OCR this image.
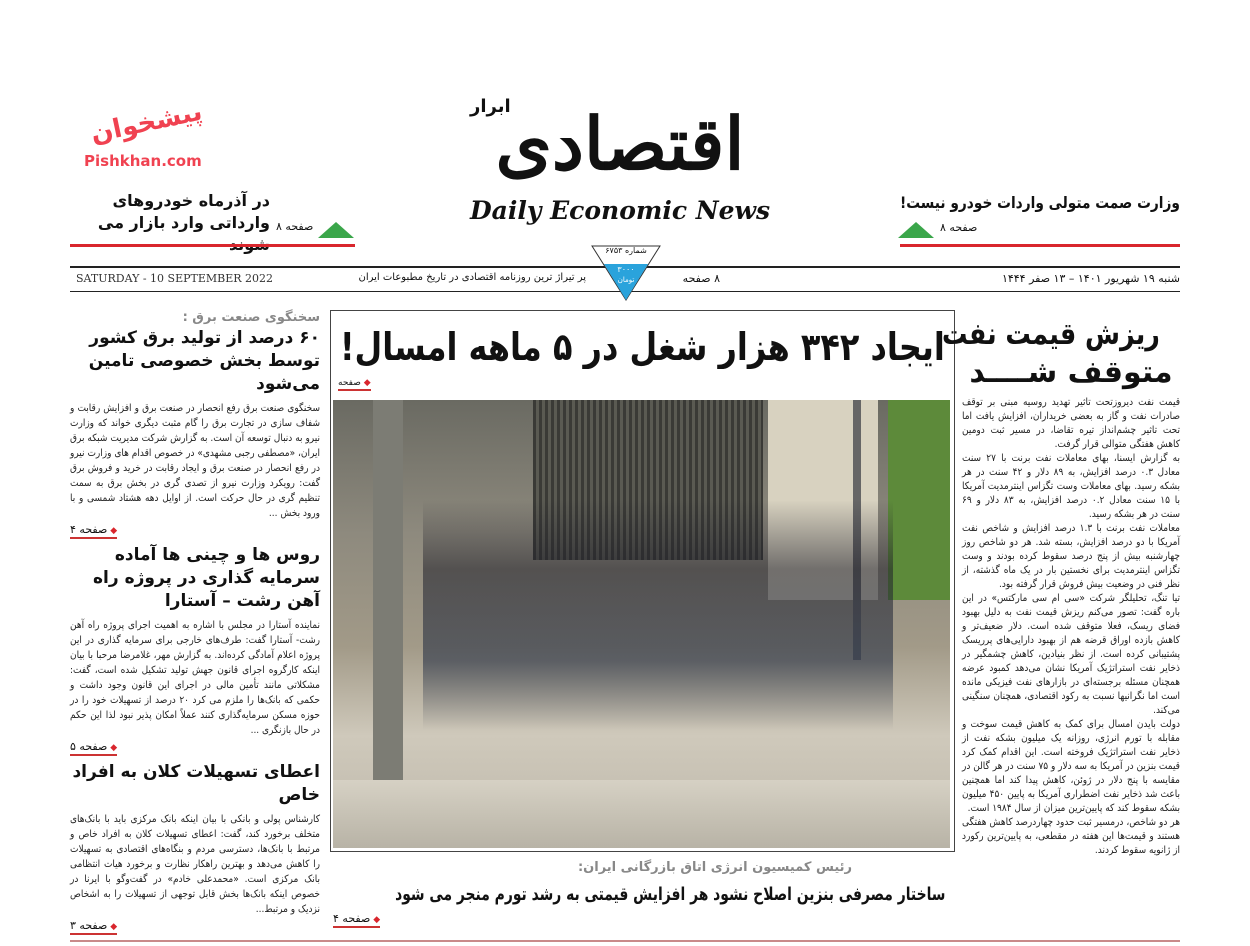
ابرار
اقتصادی
Daily Economic News
پیشخوان
Pishkhan.com
در آذرماه خودروهای وارداتی وارد بازار می	صفحه ۸
وزارت صمت متولی واردات خودرو نیست!
صفحه ۸
SATURDAY - 10 SEPTEMBER 2022	پر تیراژ ترین روزنامه اقتصادی در تاریخ مطبوعات ایران	۸ صفحه	شنبه ۱۹ شهریور ۱۴۰۱ – ۱۳ صفر ۱۴۴۴
شماره ۶۷۵۳
۳۰۰۰
تومان
سخنگوی صنعت برق :
۶۰ درصد از تولید برق کشور توسط بخش خصوصی تامین می‌شود
سخنگوی صنعت برق رفع انحصار در صنعت برق و افزایش رقابت و شفاف سازی در تجارت برق را گام مثبت دیگری خواند که وزارت نیرو به دنبال توسعه آن است. به گزارش شرکت مدیریت شبکه برق ایران، «مصطفی رجبی مشهدی» در خصوص اقدام های وزارت نیرو در رفع انحصار در صنعت برق و ایجاد رقابت در خرید و فروش برق گفت: رویکرد وزارت نیرو از تصدی گری در بخش برق به سمت تنظیم گری در حال حرکت است. از اوایل دهه هشتاد شمسی و با ورود بخش ...
◆ صفحه ۴
روس ها و چینی ها آماده سرمایه گذاری در پروژه راه آهن رشت – آستارا
نماینده آستارا در مجلس با اشاره به اهمیت اجرای پروژه راه آهن رشت- آستارا گفت: طرف‌های خارجی برای سرمایه گذاری در این پروژه اعلام آمادگی کرده‌اند. به گزارش مهر، غلامرضا مرحبا با بیان اینکه کارگروه اجرای قانون جهش تولید تشکیل شده است، گفت: مشکلاتی مانند تأمین مالی در اجرای این قانون وجود داشت و حکمی که بانک‌ها را ملزم می کرد ۲۰ درصد از تسهیلات خود را در حوزه مسکن سرمایه‌گذاری کنند عملاً امکان پذیر نبود لذا این حکم در حال بازنگری ...
◆ صفحه ۵
اعطای تسهیلات کلان به افراد خاص
کارشناس پولی و بانکی با بیان اینکه بانک مرکزی باید با بانک‌های متخلف برخورد کند، گفت: اعطای تسهیلات کلان به افراد خاص و مرتبط با بانک‌ها، دسترسی مردم و بنگاه‌های اقتصادی به تسهیلات را کاهش می‌دهد و بهترین راهکار نظارت و برخورد هیات انتظامی بانک مرکزی است. «محمدعلی خادم» در گفت‌وگو با ایرنا در خصوص اینکه بانک‌ها بخش قابل توجهی از تسهیلات را به اشخاص نزدیک و مرتبط...
◆ صفحه ۳
ایجاد ۳۴۲ هزار شغل در ۵ ماهه امسال!
◆ صفحه
رئیس کمیسیون انرژی اتاق بازرگانی ایران:
ساختار مصرفی بنزین اصلاح نشود هر افزایش قیمتی به رشد تورم منجر می شود
◆ صفحه ۴
ریزش قیمت نفت
متوقف شــــد

قیمت نفت دیروزتحت تاثیر تهدید روسیه مبنی بر توقف صادرات نفت و گاز به بعضی خریداران، افزایش یافت اما تحت تاثیر چشم‌انداز تیره تقاضا، در مسیر ثبت دومین کاهش هفتگی متوالی قرار گرفت.

به گزارش ایسنا، بهای معاملات نفت برنت با ۲۷ سنت معادل ۰.۳ درصد افزایش، به ۸۹ دلار و ۴۲ سنت در هر بشکه رسید. بهای معاملات وست تگزاس اینترمدیت آمریکا با ۱۵ سنت معادل ۰.۲ درصد افزایش، به ۸۳ دلار و ۶۹ سنت در هر بشکه رسید.

معاملات نفت برنت با ۱.۳ درصد افزایش و شاخص نفت آمریکا با دو درصد افزایش، بسته شد. هر دو شاخص روز چهارشنبه بیش از پنج درصد سقوط کرده بودند و وست تگزاس اینترمدیت برای نخستین بار در یک ماه گذشته، از نظر فنی در وضعیت بیش فروش قرار گرفته بود.

تیا تنگ، تحلیلگر شرکت «سی ام سی مارکتس» در این باره گفت: تصور می‌کنم ریزش قیمت نفت به دلیل بهبود فضای ریسک، فعلا متوقف شده است. دلار ضعیف‌تر و کاهش بازده اوراق قرضه هم از بهبود دارایی‌های پرریسک پشتیبانی کرده است. از نظر بنیادین، کاهش چشمگیر در ذخایر نفت استراتژیک آمریکا نشان می‌دهد کمبود عرضه همچنان مسئله برجسته‌ای در بازارهای نفت فیزیکی مانده است اما نگرانیها نسبت به رکود اقتصادی، همچنان سنگینی می‌کند.

دولت بایدن امسال برای کمک به کاهش قیمت سوخت و مقابله با تورم انرژی، روزانه یک میلیون بشکه نفت از ذخایر نفت استراتژیک فروخته است. این اقدام کمک کرد قیمت بنزین در آمریکا به سه دلار و ۷۵ سنت در هر گالن در مقایسه با پنج دلار در ژوئن، کاهش پیدا کند اما همچنین باعث شد ذخایر نفت اضطراری آمریکا به پایین ۴۵۰ میلیون بشکه سقوط کند که پایین‌ترین میزان از سال ۱۹۸۴ است.

هر دو شاخص، درمسیر ثبت حدود چهاردرصد کاهش هفتگی هستند و قیمت‌ها این هفته در مقطعی، به پایین‌ترین رکورد از ژانویه سقوط کردند.
